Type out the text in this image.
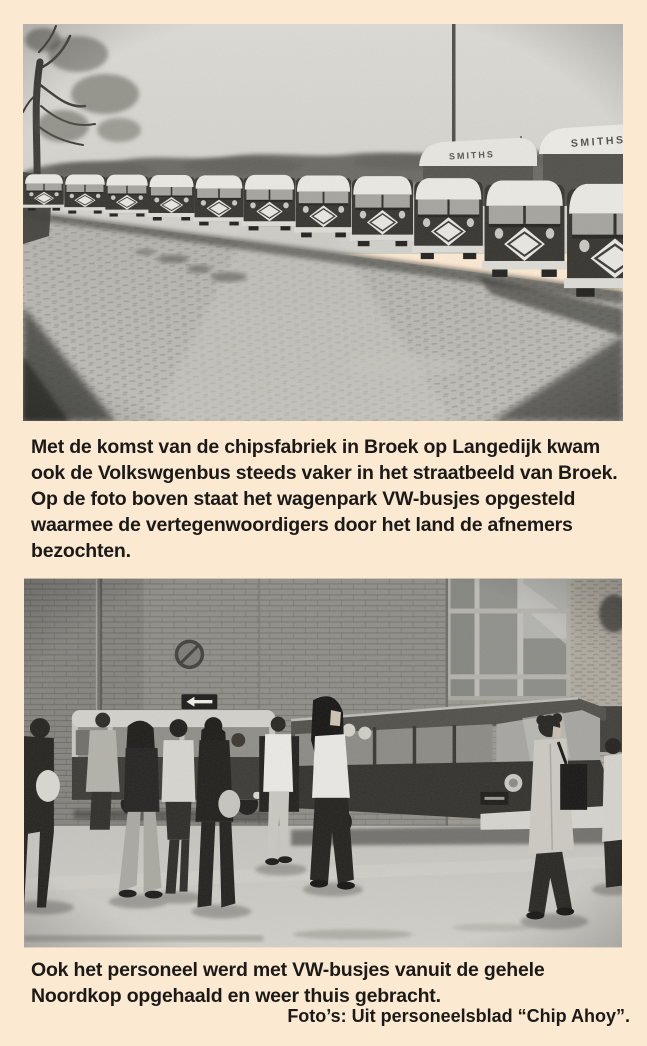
Met de komst van de chipsfabriek in Broek op Langedijk kwam
ook de Volkswgenbus steeds vaker in het straatbeeld van Broek.
Op de foto boven staat het wagenpark VW-busjes opgesteld
waarmee de vertegenwoordigers door het land de afnemers
bezochten.
Ook het personeel werd met VW-busjes vanuit de gehele
Noordkop opgehaald en weer thuis gebracht.
Foto’s: Uit personeelsblad “Chip Ahoy”.
